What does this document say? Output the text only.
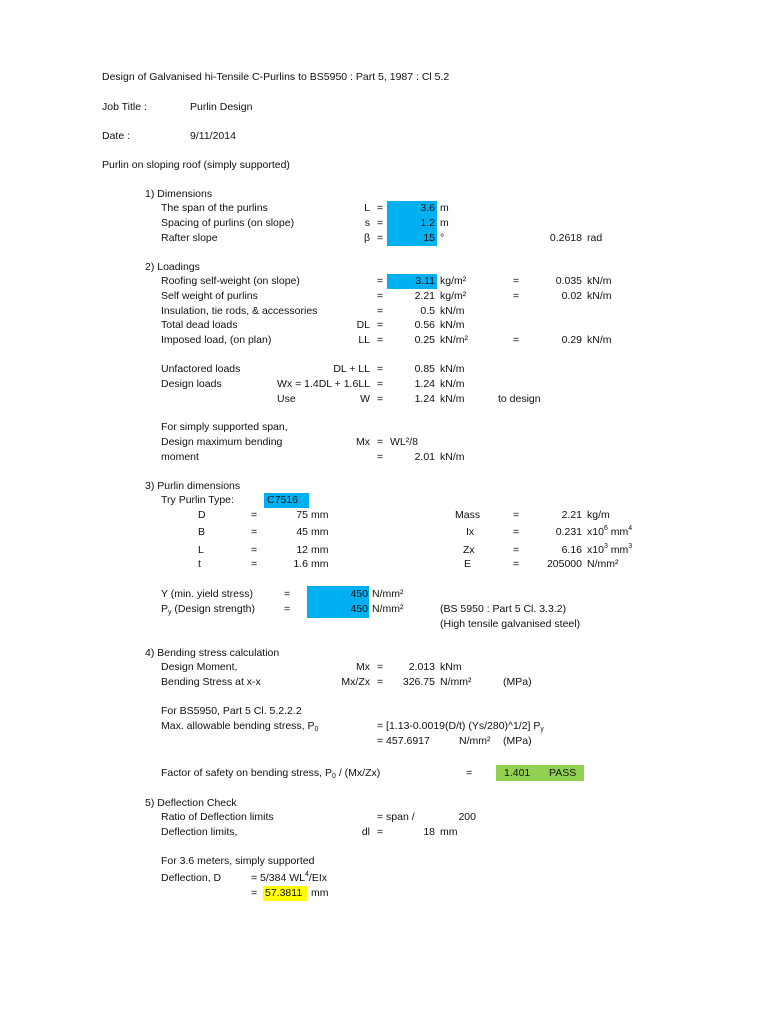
Design of Galvanised hi-Tensile C-Purlins to BS5950 : Part 5, 1987 : Cl 5.2
Job Title :	Purlin Design
Date :	9/11/2014
Purlin on sloping roof (simply supported)
1) Dimensions
The span of the purlins	L =	3.6 m
Spacing of purlins (on slope)	s =	1.2 m
Rafter slope	β =	15 °	0.2618 rad
2) Loadings
Roofing self-weight (on slope)	=	3.11 kg/m²	=	0.035 kN/m
Self weight of purlins	=	2.21 kg/m²	=	0.02 kN/m
Insulation, tie rods, & accessories	=	0.5 kN/m
Total dead loads	DL =	0.56 kN/m
Imposed load, (on plan)	LL =	0.25 kN/m²	=	0.29 kN/m
Unfactored loads	DL + LL =	0.85 kN/m
Design loads	Wx = 1.4DL + 1.6LL =	1.24 kN/m
Use	W =	1.24 kN/m	to design
For simply supported span,
Design maximum bending	Mx = WL²/8
moment	=	2.01 kN/m
3) Purlin dimensions
Try Purlin Type:	C7516
D	=	75 mm	Mass	=	2.21 kg/m
B	=	45 mm	Ix	=	0.231 $x10^6$ $mm^4$
L	=	12 mm	Zx	=	6.16 $x10^3$ $mm^3$
t	=	1.6 mm	E	=	205000 N/mm²
Y (min. yield stress)	=	450 N/mm²
$P_y$ (Design strength)	=	450 N/mm²	(BS 5950 : Part 5 Cl. 3.3.2)
(High tensile galvanised steel)
4) Bending stress calculation
Design Moment,	Mx =	2.013 kNm
Bending Stress at x-x	Mx/Zx =	326.75 N/mm²	(MPa)
For BS5950, Part 5 Cl. 5.2.2.2
Max. allowable bending stress, $P_0$	= [1.13-0.0019(D/t) (Ys/280)^1/2] $P_y$
= 457.6917	N/mm² (MPa)
Factor of safety on bending stress, $P_0 / (Mx/Zx)$	=	1.401 PASS
5) Deflection Check
Ratio of Deflection limits	= span /	200
Deflection limits,	dl =	18 mm
For 3.6 meters, simply supported
Deflection, D	= 5/384 $WL^4$/EIx
= 57.3811 mm
